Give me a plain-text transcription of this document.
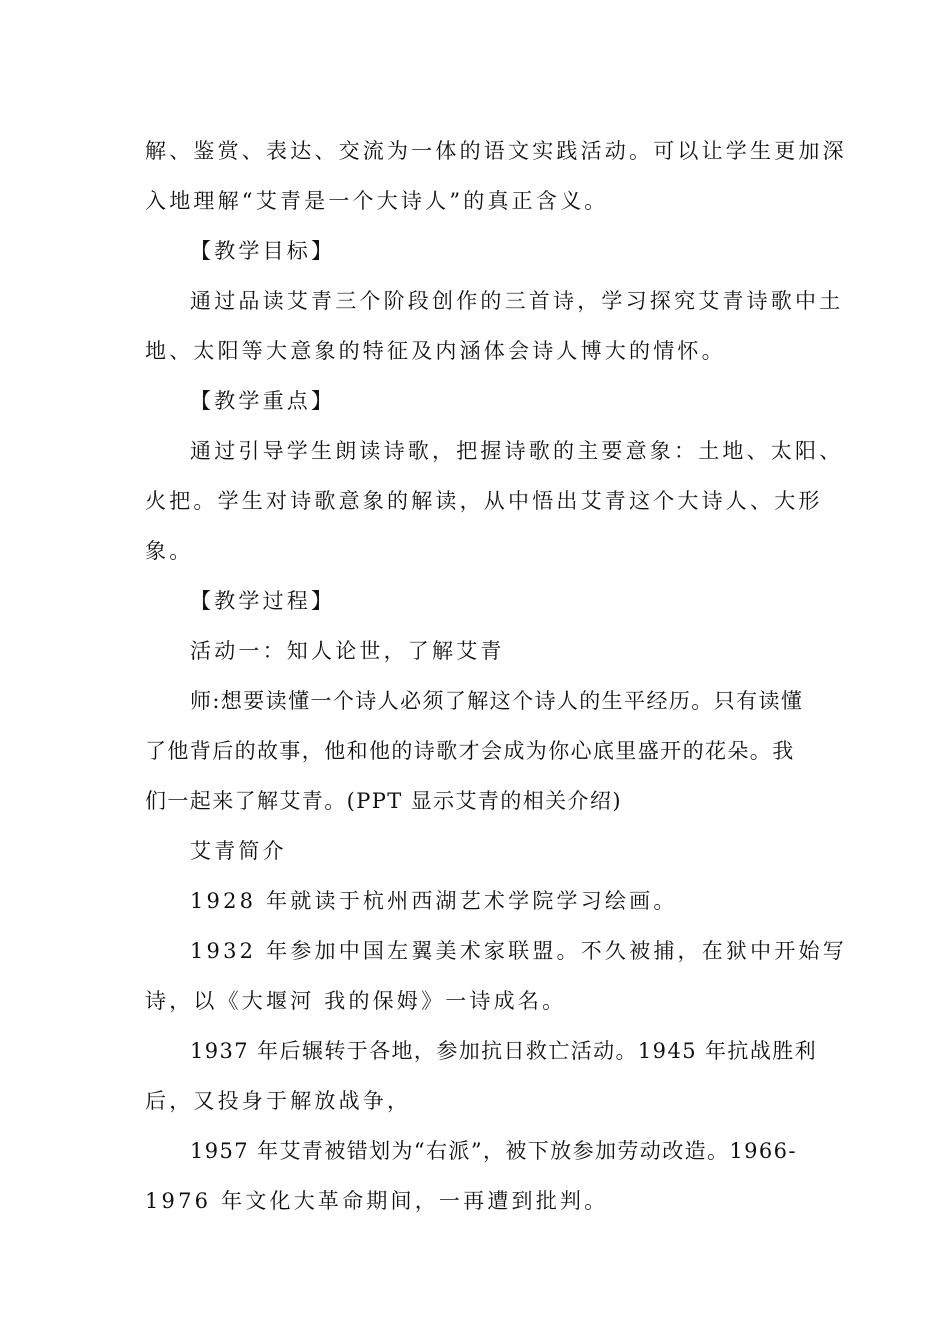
解、鉴赏、表达、交流为一体的语文实践活动。可以让学生更加深
入地理解“艾青是一个大诗人”的真正含义。
【教学目标】
通过品读艾青三个阶段创作的三首诗，学习探究艾青诗歌中土
地、太阳等大意象的特征及内涵体会诗人博大的情怀。
【教学重点】
通过引导学生朗读诗歌，把握诗歌的主要意象：土地、太阳、
火把。学生对诗歌意象的解读，从中悟出艾青这个大诗人、大形
象。
【教学过程】
活动一：知人论世，了解艾青
师:想要读懂一个诗人必须了解这个诗人的生平经历。只有读懂
了他背后的故事，他和他的诗歌才会成为你心底里盛开的花朵。我
们一起来了解艾青。(PPT 显示艾青的相关介绍)
艾青简介
1928 年就读于杭州西湖艺术学院学习绘画。
1932 年参加中国左翼美术家联盟。不久被捕，在狱中开始写
诗，以《大堰河 我的保姆》一诗成名。
1937 年后辗转于各地，参加抗日救亡活动。1945 年抗战胜利
后，又投身于解放战争，
1957 年艾青被错划为“右派”，被下放参加劳动改造。1966-
1976 年文化大革命期间，一再遭到批判。
